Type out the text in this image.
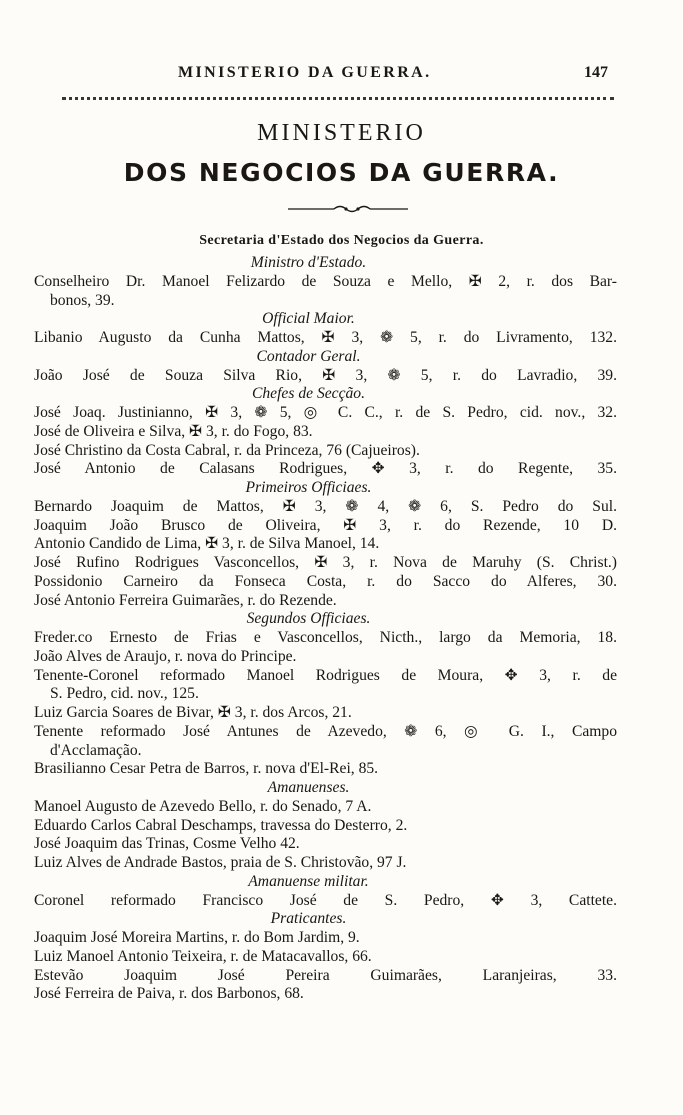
MINISTERIO DA GUERRA.	147
MINISTERIO
DOS NEGOCIOS DA GUERRA.
Secretaria d'Estado dos Negocios da Guerra.
Ministro d'Estado.
Conselheiro Dr. Manoel Felizardo de Souza e Mello, ✠ 2, r. dos Bar-
bonos, 39.
Official Maior.
Libanio Augusto da Cunha Mattos, ✠ 3, ❁ 5, r. do Livramento, 132.
Contador Geral.
João José de Souza Silva Rio, ✠ 3, ❁ 5, r. do Lavradio, 39.
Chefes de Secção.
José Joaq. Justinianno, ✠ 3, ❁ 5, ◎ C. C., r. de S. Pedro, cid. nov., 32.
José de Oliveira e Silva, ✠ 3, r. do Fogo, 83.
José Christino da Costa Cabral, r. da Princeza, 76 (Cajueiros).
José Antonio de Calasans Rodrigues, ✥ 3, r. do Regente, 35.
Primeiros Officiaes.
Bernardo Joaquim de Mattos, ✠ 3, ❁ 4, ❁ 6, S. Pedro do Sul.
Joaquim João Brusco de Oliveira, ✠ 3, r. do Rezende, 10 D.
Antonio Candido de Lima, ✠ 3, r. de Silva Manoel, 14.
José Rufino Rodrigues Vasconcellos, ✠ 3, r. Nova de Maruhy (S. Christ.)
Possidonio Carneiro da Fonseca Costa, r. do Sacco do Alferes, 30.
José Antonio Ferreira Guimarães, r. do Rezende.
Segundos Officiaes.
Freder.co Ernesto de Frias e Vasconcellos, Nicth., largo da Memoria, 18.
João Alves de Araujo, r. nova do Principe.
Tenente-Coronel reformado Manoel Rodrigues de Moura, ✥ 3, r. de
S. Pedro, cid. nov., 125.
Luiz Garcia Soares de Bivar, ✠ 3, r. dos Arcos, 21.
Tenente reformado José Antunes de Azevedo, ❁ 6, ◎ G. I., Campo
d'Acclamação.
Brasilianno Cesar Petra de Barros, r. nova d'El-Rei, 85.
Amanuenses.
Manoel Augusto de Azevedo Bello, r. do Senado, 7 A.
Eduardo Carlos Cabral Deschamps, travessa do Desterro, 2.
José Joaquim das Trinas, Cosme Velho 42.
Luiz Alves de Andrade Bastos, praia de S. Christovão, 97 J.
Amanuense militar.
Coronel reformado Francisco José de S. Pedro, ✥ 3, Cattete.
Praticantes.
Joaquim José Moreira Martins, r. do Bom Jardim, 9.
Luiz Manoel Antonio Teixeira, r. de Matacavallos, 66.
Estevão Joaquim José Pereira Guimarães, Laranjeiras, 33.
José Ferreira de Paiva, r. dos Barbonos, 68.
